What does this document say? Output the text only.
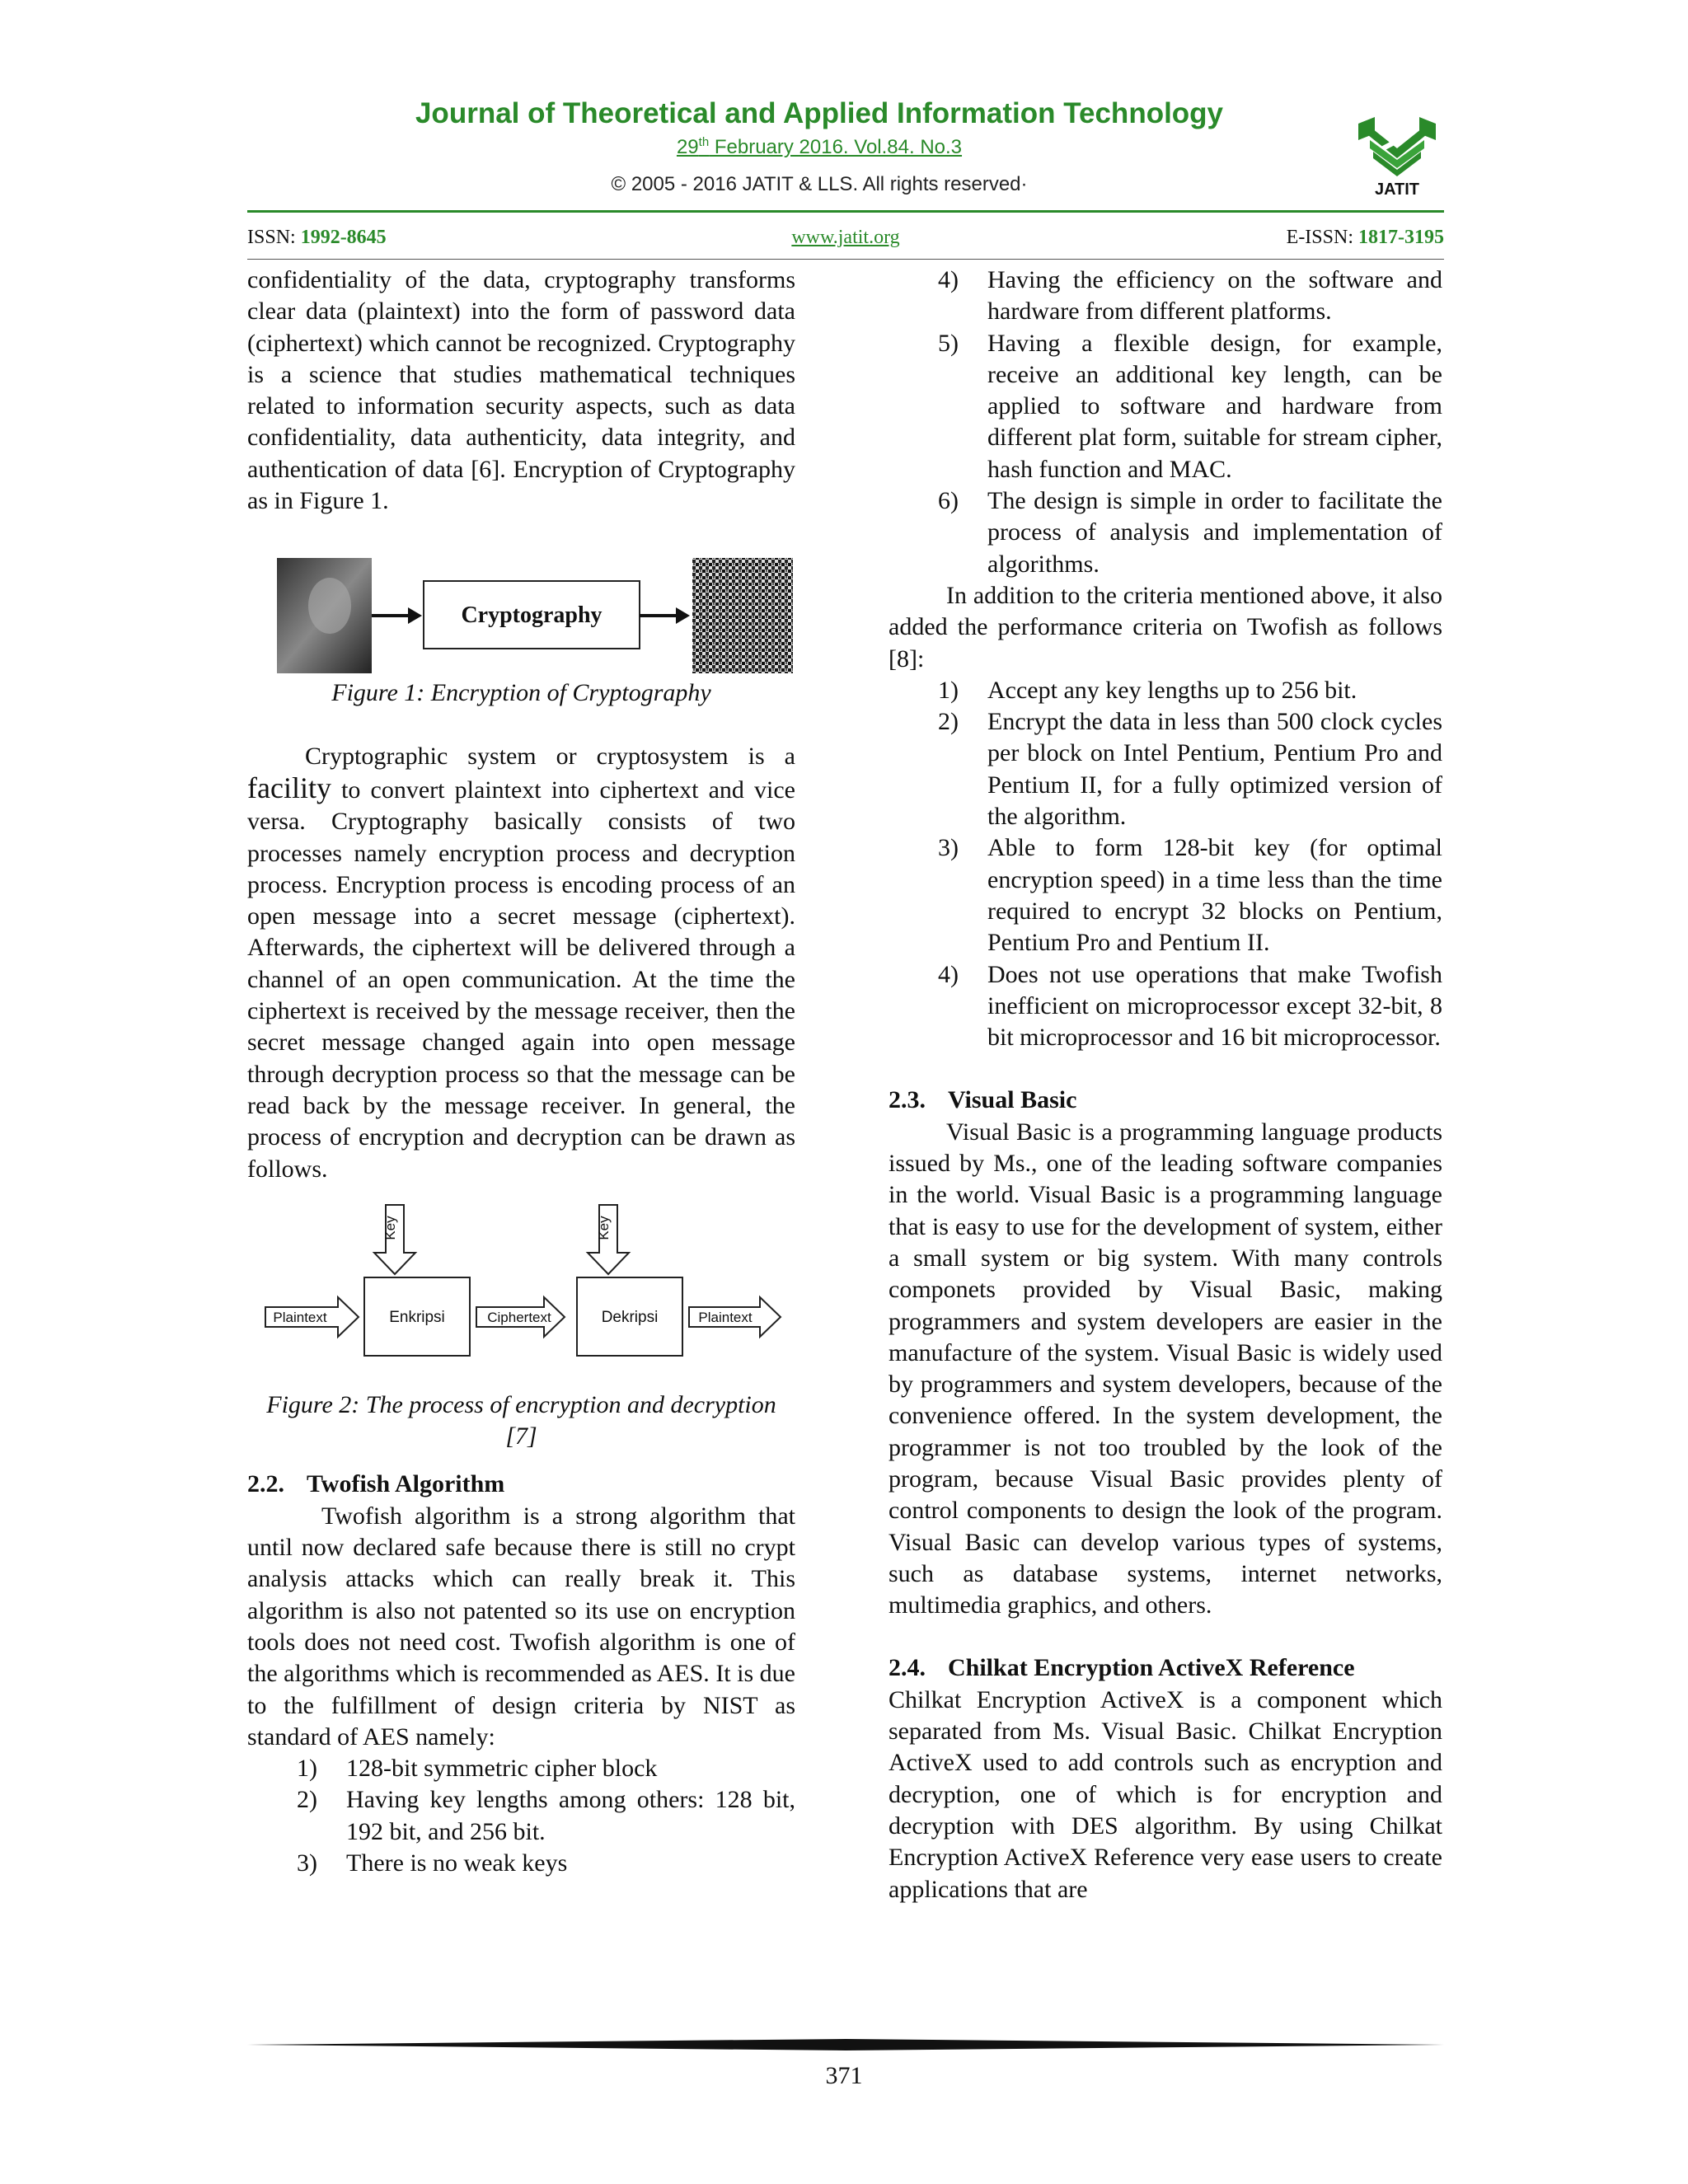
Journal of Theoretical and Applied Information Technology
29th February 2016. Vol.84. No.3
© 2005 - 2016 JATIT & LLS. All rights reserved·	JATIT
ISSN: 1992-8645	www.jatit.org	E-ISSN: 1817-3195

confidentiality of the data, cryptography transforms clear data (plaintext) into the form of password data (ciphertext) which cannot be recognized. Cryptography is a science that studies mathematical techniques related to information security aspects, such as data confidentiality, data authenticity, data integrity, and authentication of data [6]. Encryption of Cryptography as in Figure 1.

Cryptography

Figure 1: Encryption of Cryptography

Cryptographic system or cryptosystem is a facility to convert plaintext into ciphertext and vice versa. Cryptography basically consists of two processes namely encryption process and decryption process. Encryption process is encoding process of an open message into a secret message (ciphertext). Afterwards, the ciphertext will be delivered through a channel of an open communication. At the time the ciphertext is received by the message receiver, then the secret message changed again into open message through decryption process so that the message can be read back by the message receiver. In general, the process of encryption and decryption can be drawn as follows.

Key	Key
Plaintext	Enkripsi	Ciphertext	Dekripsi	Plaintext

Figure 2: The process of encryption and decryption
[7]

2.2. Twofish Algorithm

Twofish algorithm is a strong algorithm that until now declared safe because there is still no crypt analysis attacks which can really break it. This algorithm is also not patented so its use on encryption tools does not need cost. Twofish algorithm is one of the algorithms which is recommended as AES. It is due to the fulfillment of design criteria by NIST as standard of AES namely:

1) 128-bit symmetric cipher block
2) Having key lengths among others: 128 bit, 192 bit, and 256 bit.
3) There is no weak keys
4) Having the efficiency on the software and hardware from different platforms.
5) Having a flexible design, for example, receive an additional key length, can be applied to software and hardware from different plat form, suitable for stream cipher, hash function and MAC.
6) The design is simple in order to facilitate the process of analysis and implementation of algorithms.

In addition to the criteria mentioned above, it also added the performance criteria on Twofish as follows [8]:

1) Accept any key lengths up to 256 bit.
2) Encrypt the data in less than 500 clock cycles per block on Intel Pentium, Pentium Pro and Pentium II, for a fully optimized version of the algorithm.
3) Able to form 128-bit key (for optimal encryption speed) in a time less than the time required to encrypt 32 blocks on Pentium, Pentium Pro and Pentium II.
4) Does not use operations that make Twofish inefficient on microprocessor except 32-bit, 8 bit microprocessor and 16 bit microprocessor.

2.3. Visual Basic

Visual Basic is a programming language products issued by Ms., one of the leading software companies in the world. Visual Basic is a programming language that is easy to use for the development of system, either a small system or big system. With many controls componets provided by Visual Basic, making programmers and system developers are easier in the manufacture of the system. Visual Basic is widely used by programmers and system developers, because of the convenience offered. In the system development, the programmer is not too troubled by the look of the program, because Visual Basic provides plenty of control components to design the look of the program. Visual Basic can develop various types of systems, such as database systems, internet networks, multimedia graphics, and others.

2.4. Chilkat Encryption ActiveX Reference

Chilkat Encryption ActiveX is a component which separated from Ms. Visual Basic. Chilkat Encryption ActiveX used to add controls such as encryption and decryption, one of which is for encryption and decryption with DES algorithm. By using Chilkat Encryption ActiveX Reference very ease users to create applications that are

371
